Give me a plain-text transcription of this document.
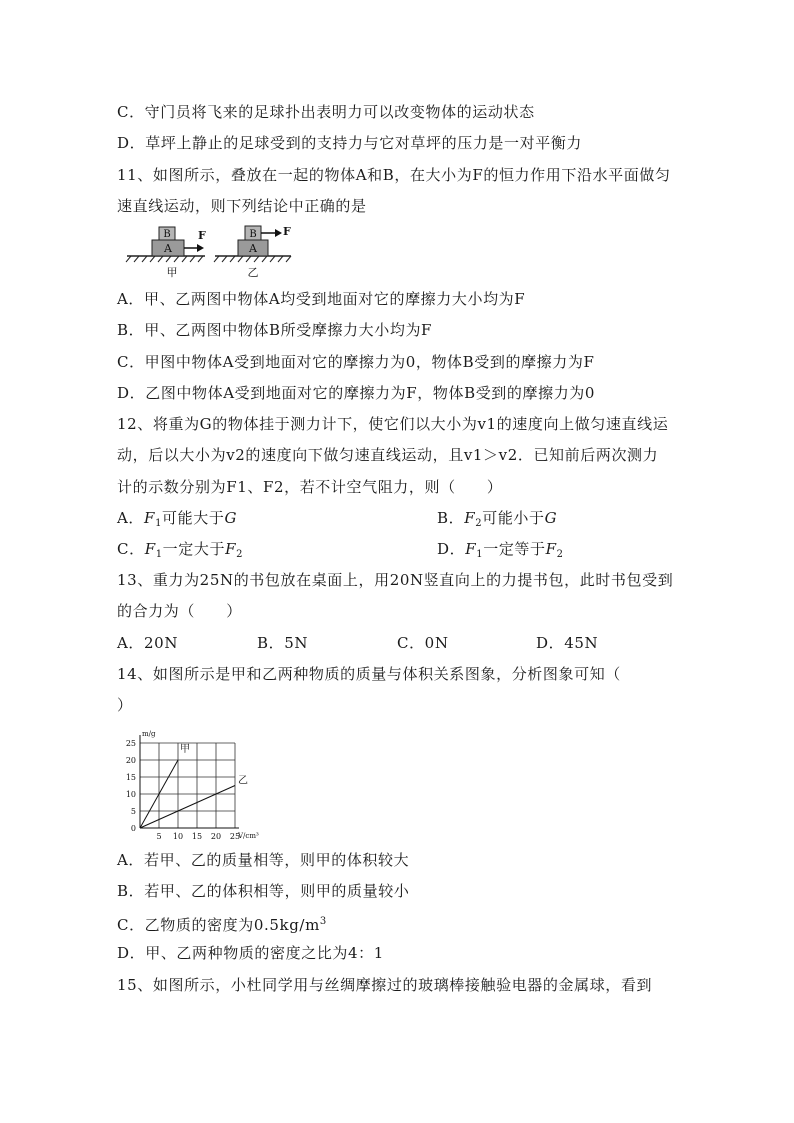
C．守门员将飞来的足球扑出表明力可以改变物体的运动状态
D．草坪上静止的足球受到的支持力与它对草坪的压力是一对平衡力
11、如图所示，叠放在一起的物体A和B，在大小为F的恒力作用下沿水平面做匀
速直线运动，则下列结论中正确的是
A
B F
甲
A
B F
乙
A．甲、乙两图中物体A均受到地面对它的摩擦力大小均为F
B．甲、乙两图中物体B所受摩擦力大小均为F
C．甲图中物体A受到地面对它的摩擦力为0，物体B受到的摩擦力为F
D．乙图中物体A受到地面对它的摩擦力为F，物体B受到的摩擦力为0
12、将重为G的物体挂于测力计下，使它们以大小为v1的速度向上做匀速直线运
动，后以大小为v2的速度向下做匀速直线运动，且v1＞v2．已知前后两次测力
计的示数分别为F1、F2，若不计空气阻力，则（　　）
A．$F_1$可能大于G	B．$F_2$可能小于G
C．$F_1$一定大于$F_2$	D．$F_1$一定等于$F_2$
13、重力为25N的书包放在桌面上，用20N竖直向上的力提书包，此时书包受到
的合力为（　　）
A．20N	B．5N	C．0N	D．45N
14、如图所示是甲和乙两种物质的质量与体积关系图象，分析图象可知（
）
5 10 15 20 25
5
10
15
20
25
0
m/g
V/cm³
甲
乙
A．若甲、乙的质量相等，则甲的体积较大
B．若甲、乙的体积相等，则甲的质量较小
C．乙物质的密度为$0.5kg/m^3$
D．甲、乙两种物质的密度之比为4：1
15、如图所示，小杜同学用与丝绸摩擦过的玻璃棒接触验电器的金属球，看到
